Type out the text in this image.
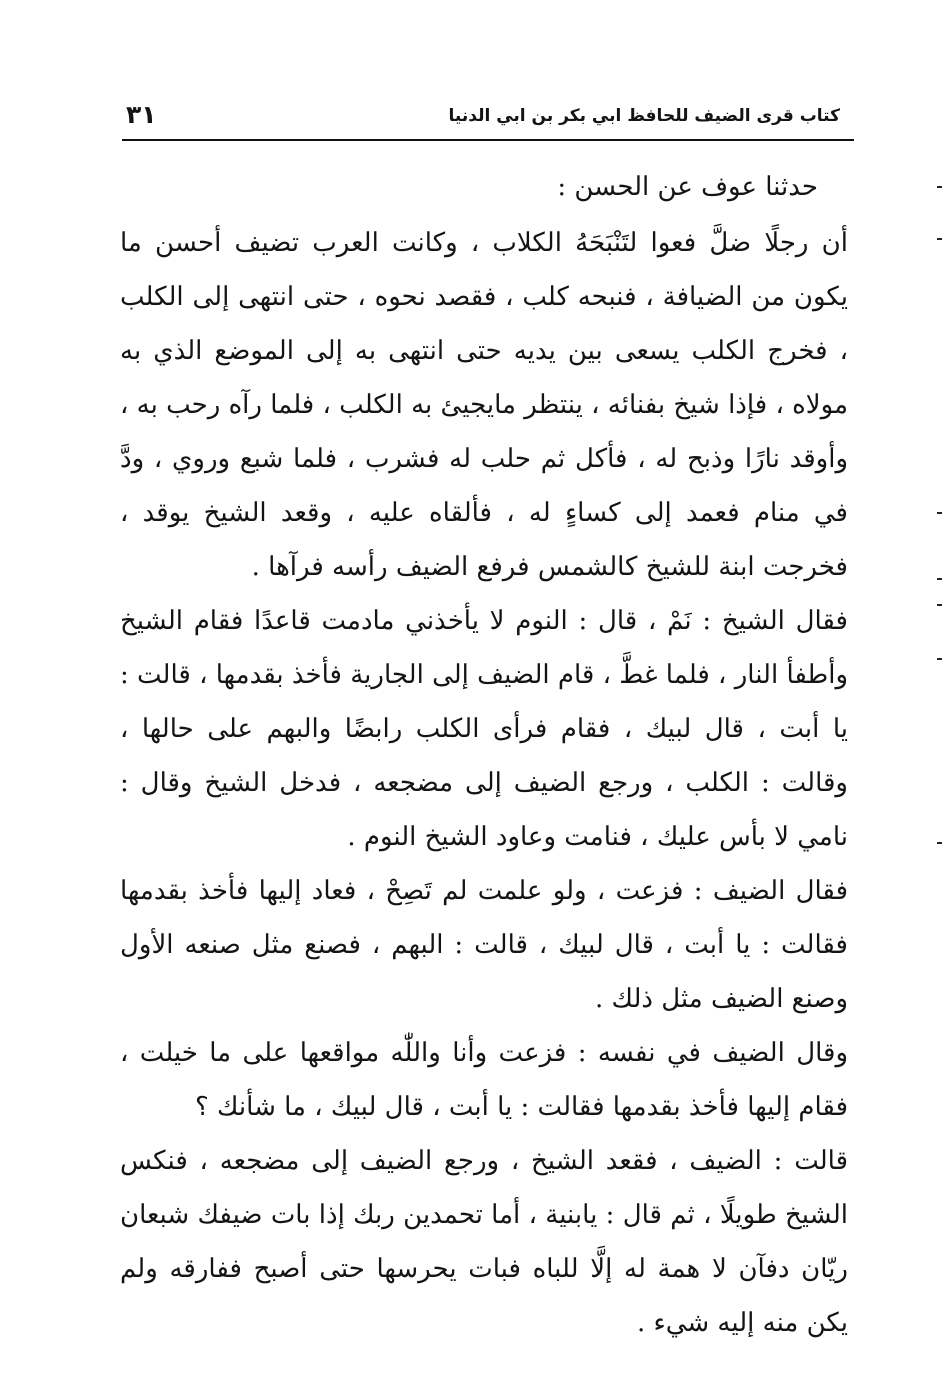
كتاب قرى الضيف للحافظ ابي بكر بن ابي الدنيا
٣١

حدثنا عوف عن الحسن :

أن رجلًا ضلَّ فعوا لتَنْبَحَهُ الكلاب ، وكانت العرب تضيف أحسن ما يكون من الضيافة ، فنبحه كلب ، فقصد نحوه ، حتى انتهى إلى الكلب ، فخرج الكلب يسعى بين يديه حتى انتهى به إلى الموضع الذي به مولاه ، فإذا شيخ بفنائه ، ينتظر مايجيئ به الكلب ، فلما رآه رحب به ، وأوقد نارًا وذبح له ، فأكل ثم حلب له فشرب ، فلما شبع وروي ، ودَّ في منام فعمد إلى كساءٍ له ، فألقاه عليه ، وقعد الشيخ يوقد ، فخرجت ابنة للشيخ كالشمس فرفع الضيف رأسه فرآها .

فقال الشيخ : نَمْ ، قال : النوم لا يأخذني مادمت قاعدًا فقام الشيخ وأطفأ النار ، فلما غطَّ ، قام الضيف إلى الجارية فأخذ بقدمها ، قالت : يا أبت ، قال لبيك ، فقام فرأى الكلب رابضًا والبهم على حالها ، وقالت : الكلب ، ورجع الضيف إلى مضجعه ، فدخل الشيخ وقال : نامي لا بأس عليك ، فنامت وعاود الشيخ النوم .

فقال الضيف : فزعت ، ولو علمت لم تَصِحْ ، فعاد إليها فأخذ بقدمها فقالت : يا أبت ، قال لبيك ، قالت : البهم ، فصنع مثل صنعه الأول وصنع الضيف مثل ذلك .

وقال الضيف في نفسه : فزعت وأنا واللّٰه مواقعها على ما خيلت ، فقام إليها فأخذ بقدمها فقالت : يا أبت ، قال لبيك ، ما شأنك ؟

قالت : الضيف ، فقعد الشيخ ، ورجع الضيف إلى مضجعه ، فنكس الشيخ طويلًا ، ثم قال : يابنية ، أما تحمدين ربك إذا بات ضيفك شبعان ريّان دفآن لا همة له إلَّا للباه فبات يحرسها حتى أصبح ففارقه ولم يكن منه إليه شيء .
